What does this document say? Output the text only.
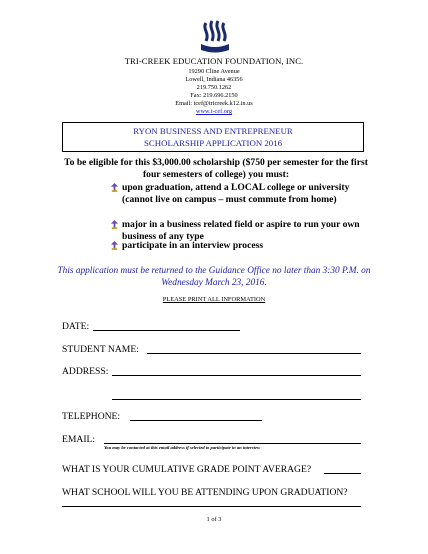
TRI-CREEK EDUCATION FOUNDATION, INC.
19290 Cline Avenue
Lowell, Indiana 46356
219.750.1262
Fax: 219.696.2150
Email: tcef@tricreek.k12.in.us
www.t-cef.org
RYON BUSINESS AND ENTREPRENEUR
SCHOLARSHIP APPLICATION 2016
To be eligible for this $3,000.00 scholarship ($750 per semester for the first four semesters of college) you must:
upon graduation, attend a LOCAL college or university (cannot live on campus – must commute from home)
major in a business related field or aspire to run your own business of any type
participate in an interview process
This application must be returned to the Guidance Office no later than 3:30 P.M. on Wednesday March 23, 2016.
PLEASE PRINT ALL INFORMATION
DATE:
STUDENT NAME:
ADDRESS:
TELEPHONE:
EMAIL:
You may be contacted at this email address if selected to participate in an interview
WHAT IS YOUR CUMULATIVE GRADE POINT AVERAGE?
WHAT SCHOOL WILL YOU BE ATTENDING UPON GRADUATION?
1 of 3
